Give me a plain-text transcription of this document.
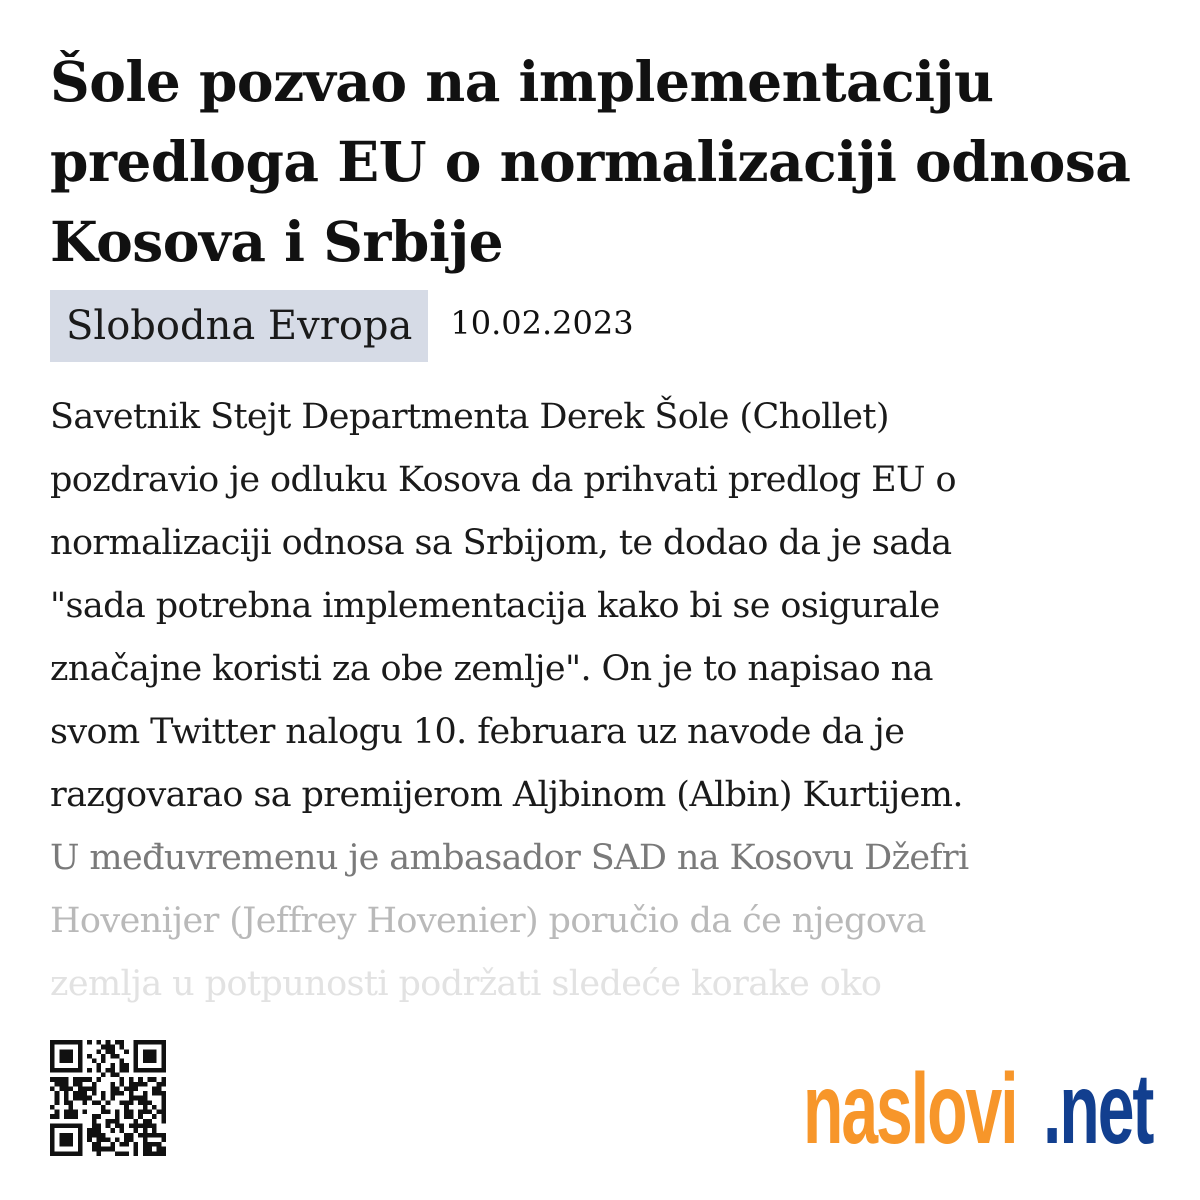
Šole pozvao na implementaciju predloga EU o normalizaciji odnosa Kosova i Srbije
Slobodna Evropa	10.02.2023
Savetnik Stejt Departmenta Derek Šole (Chollet)
pozdravio je odluku Kosova da prihvati predlog EU o
normalizaciji odnosa sa Srbijom, te dodao da je sada
"sada potrebna implementacija kako bi se osigurale
značajne koristi za obe zemlje". On je to napisao na
svom Twitter nalogu 10. februara uz navode da je
razgovarao sa premijerom Aljbinom (Albin) Kurtijem.
U međuvremenu je ambasador SAD na Kosovu Džefri
Hovenijer (Jeffrey Hovenier) poručio da će njegova
zemlja u potpunosti podržati sledeće korake oko
naslovi .net
